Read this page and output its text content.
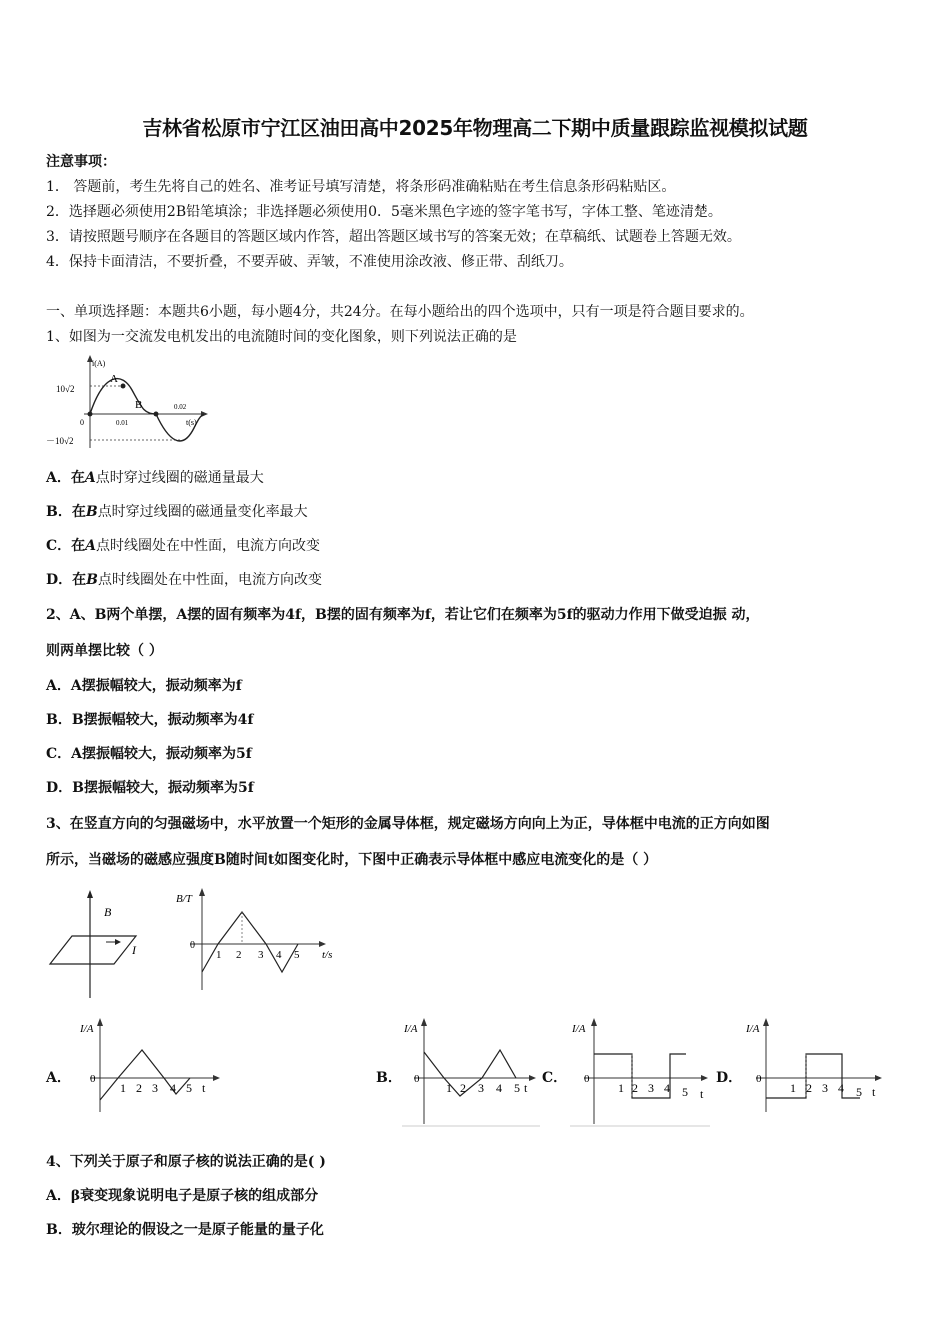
吉林省松原市宁江区油田高中2025年物理高二下期中质量跟踪监视模拟试题
注意事项：
1． 答题前，考生先将自己的姓名、准考证号填写清楚，将条形码准确粘贴在考生信息条形码粘贴区。
2．选择题必须使用2B铅笔填涂；非选择题必须使用0．5毫米黑色字迹的签字笔书写，字体工整、笔迹清楚。
3．请按照题号顺序在各题目的答题区域内作答，超出答题区域书写的答案无效；在草稿纸、试题卷上答题无效。
4．保持卡面清洁，不要折叠，不要弄破、弄皱，不准使用涂改液、修正带、刮纸刀。
一、单项选择题：本题共6小题，每小题4分，共24分。在每小题给出的四个选项中，只有一项是符合题目要求的。
1、如图为一交流发电机发出的电流随时间的变化图象，则下列说法正确的是
i(A)
10√2
－10√2
0
A
B
0.01
0.02
t(s)
A．在A点时穿过线圈的磁通量最大
B．在B点时穿过线圈的磁通量变化率最大
C．在A点时线圈处在中性面，电流方向改变
D．在B点时线圈处在中性面，电流方向改变
2、A、B两个单摆，A摆的固有频率为4f，B摆的固有频率为f，若让它们在频率为5f的驱动力作用下做受迫振 动，
则两单摆比较（ ）
A．A摆振幅较大，振动频率为f
B．B摆振幅较大，振动频率为4f
C．A摆振幅较大，振动频率为5f
D．B摆振幅较大，振动频率为5f
3、在竖直方向的匀强磁场中，水平放置一个矩形的金属导体框，规定磁场方向向上为正，导体框中电流的正方向如图
所示，当磁场的磁感应强度B随时间t如图变化时，下图中正确表示导体框中感应电流变化的是（ ）
B
I
B/T
0
1 2 3 4 5 t/s
A．	B．	C．	D．
I/A
0
1 2 3 4 5 t
I/A
0
1 2 3 4 5 t
I/A
0
1 2 3 4 5 t
I/A
0
1 2 3 4 5 t
4、下列关于原子和原子核的说法正确的是( )
A．β衰变现象说明电子是原子核的组成部分
B．玻尔理论的假设之一是原子能量的量子化
